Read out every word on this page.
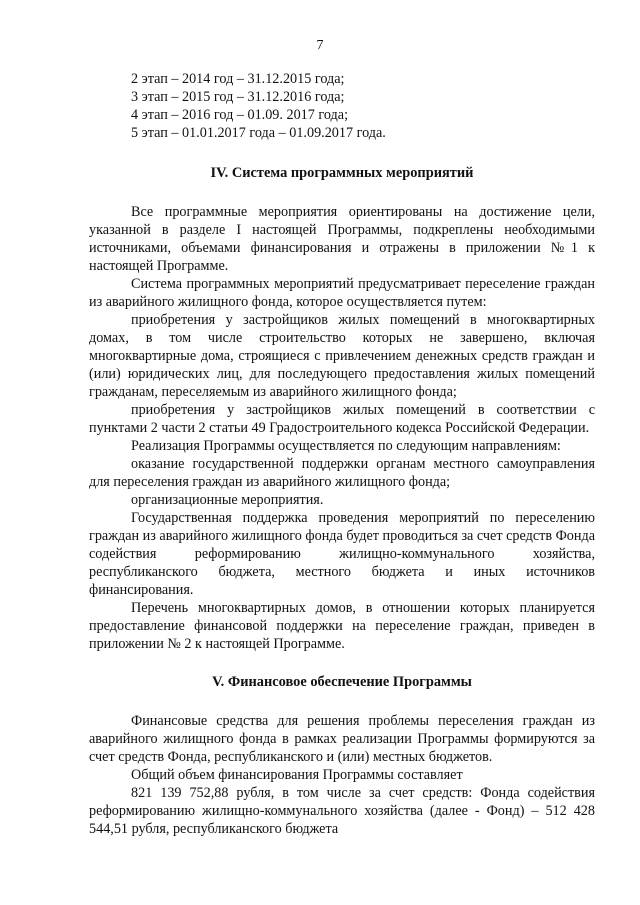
7

2 этап – 2014 год – 31.12.2015 года;

3 этап – 2015 год – 31.12.2016 года;

4 этап – 2016 год – 01.09. 2017 года;

5 этап – 01.01.2017 года – 01.09.2017 года.

IV. Система программных мероприятий

Все программные мероприятия ориентированы на достижение цели, указанной в разделе I настоящей Программы, подкреплены необходимыми источниками, объемами финансирования и отражены в приложении №1 к настоящей Программе.

Система программных мероприятий предусматривает переселение граждан из аварийного жилищного фонда, которое осуществляется путем:

приобретения у застройщиков жилых помещений в многоквартирных домах, в том числе строительство которых не завершено, включая многоквартирные дома, строящиеся с привлечением денежных средств граждан и (или) юридических лиц, для последующего предоставления жилых помещений гражданам, переселяемым из аварийного жилищного фонда;

приобретения у застройщиков жилых помещений в соответствии с пунктами 2 части 2 статьи 49 Градостроительного кодекса Российской Федерации.

Реализация Программы осуществляется по следующим направлениям:

оказание государственной поддержки органам местного самоуправления для переселения граждан из аварийного жилищного фонда;

организационные мероприятия.

Государственная поддержка проведения мероприятий по переселению граждан из аварийного жилищного фонда будет проводиться за счет средств Фонда содействия реформированию жилищно-коммунального хозяйства, республиканского бюджета, местного бюджета и иных источников финансирования.

Перечень многоквартирных домов, в отношении которых планируется предоставление финансовой поддержки на переселение граждан, приведен в приложении № 2 к настоящей Программе.

V. Финансовое обеспечение Программы

Финансовые средства для решения проблемы переселения граждан из аварийного жилищного фонда в рамках реализации Программы формируются за счет средств Фонда, республиканского и (или) местных бюджетов.

Общий объем финансирования Программы составляет

821 139 752,88 рубля, в том числе за счет средств: Фонда содействия реформированию жилищно-коммунального хозяйства (далее - Фонд) – 512 428 544,51 рубля, республиканского бюджета
